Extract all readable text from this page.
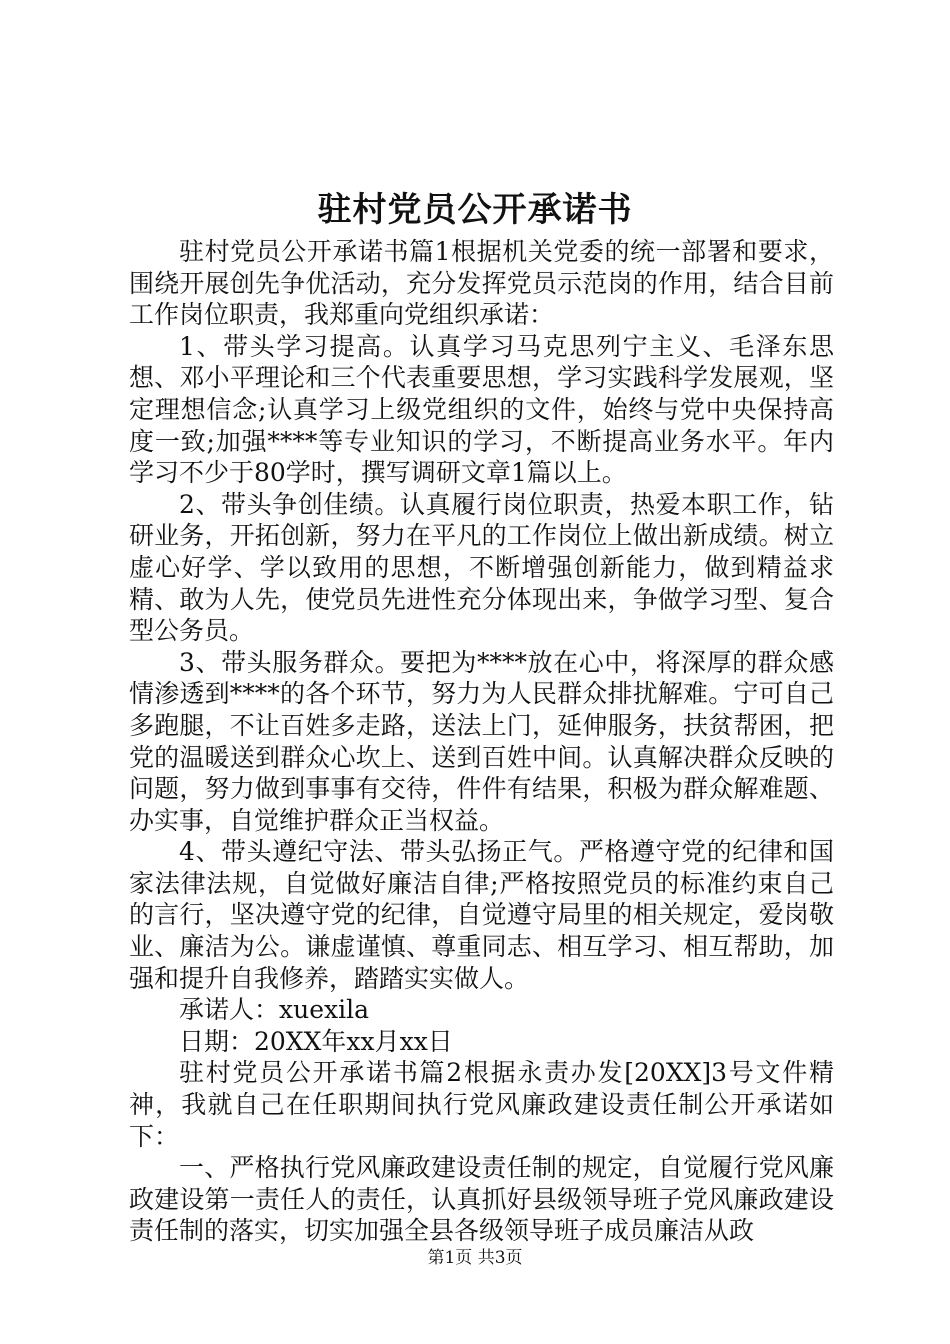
驻村党员公开承诺书

驻村党员公开承诺书篇1根据机关党委的统一部署和要求，围绕开展创先争优活动，充分发挥党员示范岗的作用，结合目前工作岗位职责，我郑重向党组织承诺：

1、带头学习提高。认真学习马克思列宁主义、毛泽东思想、邓小平理论和三个代表重要思想，学习实践科学发展观，坚定理想信念;认真学习上级党组织的文件，始终与党中央保持高度一致;加强****等专业知识的学习，不断提高业务水平。年内学习不少于80学时，撰写调研文章1篇以上。

2、带头争创佳绩。认真履行岗位职责，热爱本职工作，钻研业务，开拓创新，努力在平凡的工作岗位上做出新成绩。树立虚心好学、学以致用的思想，不断增强创新能力，做到精益求精、敢为人先，使党员先进性充分体现出来，争做学习型、复合型公务员。

3、带头服务群众。要把为****放在心中，将深厚的群众感情渗透到****的各个环节，努力为人民群众排扰解难。宁可自己多跑腿，不让百姓多走路，送法上门，延伸服务，扶贫帮困，把党的温暖送到群众心坎上、送到百姓中间。认真解决群众反映的问题，努力做到事事有交待，件件有结果，积极为群众解难题、办实事，自觉维护群众正当权益。

4、带头遵纪守法、带头弘扬正气。严格遵守党的纪律和国家法律法规，自觉做好廉洁自律;严格按照党员的标准约束自己的言行，坚决遵守党的纪律，自觉遵守局里的相关规定，爱岗敬业、廉洁为公。谦虚谨慎、尊重同志、相互学习、相互帮助，加强和提升自我修养，踏踏实实做人。

承诺人：xuexila

日期：20XX年xx月xx日

驻村党员公开承诺书篇2根据永责办发[20XX]3号文件精神，我就自己在任职期间执行党风廉政建设责任制公开承诺如下：

一、严格执行党风廉政建设责任制的规定，自觉履行党风廉政建设第一责任人的责任，认真抓好县级领导班子党风廉政建设责任制的落实，切实加强全县各级领导班子成员廉洁从政

第1页 共3页
